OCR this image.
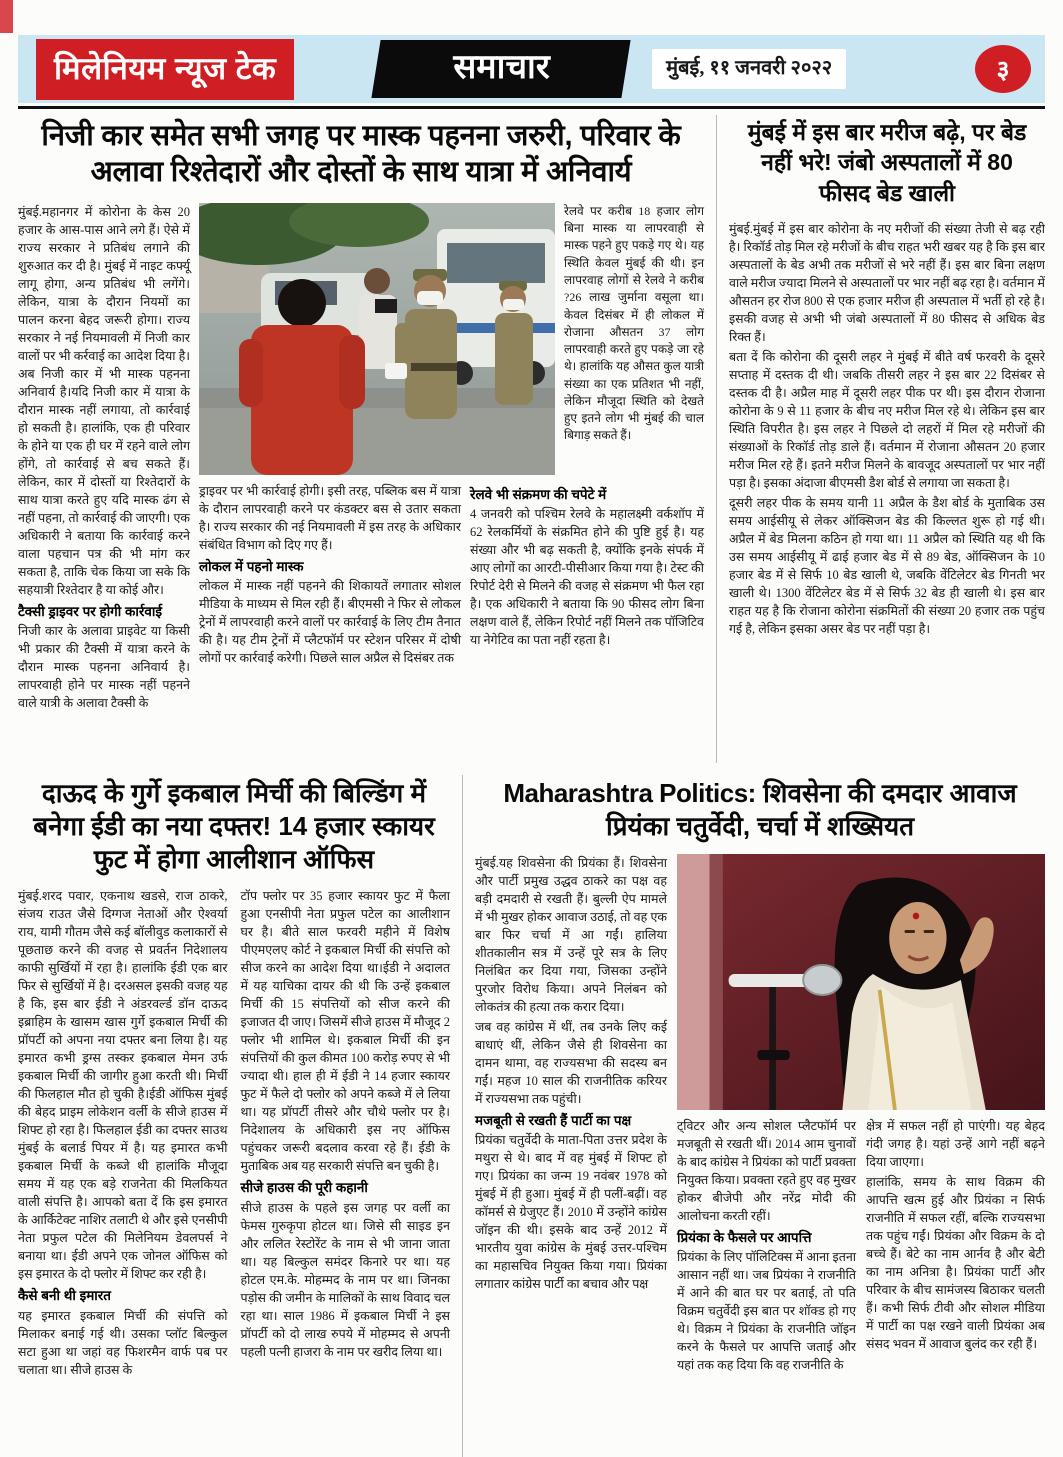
मिलेनियम न्यूज टेक	समाचार	मुंबई, ११ जनवरी २०२२	३
निजी कार समेत सभी जगह पर मास्क पहनना जरुरी, परिवार के अलावा रिश्तेदारों और दोस्तों के साथ यात्रा में अनिवार्य

मुंबई.महानगर में कोरोना के केस 20 हजार के आस-पास आने लगे हैं। ऐसे में राज्य सरकार ने प्रतिबंध लगाने की शुरुआत कर दी है। मुंबई में नाइट कर्फ्यू लागू होगा, अन्य प्रतिबंध भी लगेंगे। लेकिन, यात्रा के दौरान नियमों का पालन करना बेहद जरूरी होगा। राज्य सरकार ने नई नियमावली में निजी कार वालों पर भी कर्रवाई का आदेश दिया है। अब निजी कार में भी मास्क पहनना अनिवार्य है।यदि निजी कार में यात्रा के दौरान मास्क नहीं लगाया, तो कार्रवाई हो सकती है। हालांकि, एक ही परिवार के होने या एक ही घर में रहने वाले लोग होंगे, तो कार्रवाई से बच सकते हैं।लेकिन, कार में दोस्तों या रिश्तेदारों के साथ यात्रा करते हुए यदि मास्क ढंग से नहीं पहना, तो कार्रवाई की जाएगी। एक अधिकारी ने बताया कि कार्रवाई करने वाला पहचान पत्र की भी मांग कर सकता है, ताकि चेक किया जा सके कि सहयात्री रिश्तेदार है या कोई और।

टैक्सी ड्राइवर पर होगी कार्रवाई

निजी कार के अलावा प्राइवेट या किसी भी प्रकार की टैक्सी में यात्रा करने के दौरान मास्क पहनना अनिवार्य है। लापरवाही होने पर मास्क नहीं पहनने वाले यात्री के अलावा टैक्सी के

रेलवे पर करीब 18 हजार लोग बिना मास्क या लापरवाही से मास्क पहने हुए पकड़े गए थे। यह स्थिति केवल मुंबई की थी। इन लापरवाह लोगों से रेलवे ने करीब ?26 लाख जुर्माना वसूला था। केवल दिसंबर में ही लोकल में रोजाना औसतन 37 लोग लापरवाही करते हुए पकड़े जा रहे थे। हालांकि यह औसत कुल यात्री संख्या का एक प्रतिशत भी नहीं, लेकिन मौजूदा स्थिति को देखते हुए इतने लोग भी मुंबई की चाल बिगाड़ सकते हैं।

ड्राइवर पर भी कार्रवाई होगी। इसी तरह, पब्लिक बस में यात्रा के दौरान लापरवाही करने पर कंडक्टर बस से उतार सकता है। राज्य सरकार की नई नियमावली में इस तरह के अधिकार संबंधित विभाग को दिए गए हैं।

लोकल में पहनो मास्क

लोकल में मास्क नहीं पहनने की शिकायतें लगातार सोशल मीडिया के माध्यम से मिल रही हैं। बीएमसी ने फिर से लोकल ट्रेनों में लापरवाही करने वालों पर कार्रवाई के लिए टीम तैनात की है। यह टीम ट्रेनों में प्लैटफॉर्म पर स्टेशन परिसर में दोषी लोगों पर कार्रवाई करेगी। पिछले साल अप्रैल से दिसंबर तक

रेलवे भी संक्रमण की चपेटे में

4 जनवरी को पश्चिम रेलवे के महालक्ष्मी वर्कशॉप में 62 रेलकर्मियों के संक्रमित होने की पुष्टि हुई है। यह संख्या और भी बढ़ सकती है, क्योंकि इनके संपर्क में आए लोगों का आरटी-पीसीआर किया गया है। टेस्ट की रिपोर्ट देरी से मिलने की वजह से संक्रमण भी फैल रहा है। एक अधिकारी ने बताया कि 90 फीसद लोग बिना लक्षण वाले हैं, लेकिन रिपोर्ट नहीं मिलने तक पॉजिटिव या नेगेटिव का पता नहीं रहता है।

मुंबई में इस बार मरीज बढ़े, पर बेड नहीं भरे! जंबो अस्पतालों में 80 फीसद बेड खाली

मुंबई.मुंबई में इस बार कोरोना के नए मरीजों की संख्या तेजी से बढ़ रही है। रिकॉर्ड तोड़ मिल रहे मरीजों के बीच राहत भरी खबर यह है कि इस बार अस्पतालों के बेड अभी तक मरीजों से भरे नहीं हैं। इस बार बिना लक्षण वाले मरीज ज्यादा मिलने से अस्पतालों पर भार नहीं बढ़ रहा है। वर्तमान में औसतन हर रोज 800 से एक हजार मरीज ही अस्पताल में भर्ती हो रहे है। इसकी वजह से अभी भी जंबो अस्पतालों में 80 फीसद से अधिक बेड रिक्त हैं।

बता दें कि कोरोना की दूसरी लहर ने मुंबई में बीते वर्ष फरवरी के दूसरे सप्ताह में दस्तक दी थी। जबकि तीसरी लहर ने इस बार 22 दिसंबर से दस्तक दी है। अप्रैल माह में दूसरी लहर पीक पर थी। इस दौरान रोजाना कोरोना के 9 से 11 हजार के बीच नए मरीज मिल रहे थे। लेकिन इस बार स्थिति विपरीत है। इस लहर ने पिछले दो लहरों में मिल रहे मरीजों की संख्याओं के रिकॉर्ड तोड़ डाले हैं। वर्तमान में रोजाना औसतन 20 हजार मरीज मिल रहे हैं। इतने मरीज मिलने के बावजूद अस्पतालों पर भार नहीं पड़ा है। इसका अंदाजा बीएमसी डैश बोर्ड से लगाया जा सकता है।

दूसरी लहर पीक के समय यानी 11 अप्रैल के डैश बोर्ड के मुताबिक उस समय आईसीयू से लेकर ऑक्सिजन बेड की किल्लत शुरू हो गई थी। अप्रैल में बेड मिलना कठिन हो गया था। 11 अप्रैल को स्थिति यह थी कि उस समय आईसीयू में ढाई हजार बेड में से 89 बेड, ऑक्सिजन के 10 हजार बेड में से सिर्फ 10 बेड खाली थे, जबकि वेंटिलेटर बेड गिनती भर खाली थे। 1300 वेंटिलेटर बेड में से सिर्फ 32 बेड ही खाली थे। इस बार राहत यह है कि रोजाना कोरोना संक्रमितों की संख्या 20 हजार तक पहुंच गई है, लेकिन इसका असर बेड पर नहीं पड़ा है।

दाऊद के गुर्गे इकबाल मिर्ची की बिल्डिंग में बनेगा ईडी का नया दफ्तर! 14 हजार स्कायर फुट में होगा आलीशान ऑफिस

मुंबई.शरद पवार, एकनाथ खडसे, राज ठाकरे, संजय राउत जैसे दिग्गज नेताओं और ऐश्वर्या राय, यामी गौतम जैसे कई बॉलीवुड कलाकारों से पूछताछ करने की वजह से प्रवर्तन निदेशालय काफी सुर्खियों में रहा है। हालांकि ईडी एक बार फिर से सुर्खियों में है। दरअसल इसकी वजह यह है कि, इस बार ईडी ने अंडरवर्ल्ड डॉन दाऊद इब्राहिम के खासम खास गुर्गे इकबाल मिर्ची की प्रॉपर्टी को अपना नया दफ्तर बना लिया है। यह इमारत कभी ड्रग्स तस्कर इकबाल मेमन उर्फ इकबाल मिर्ची की जागीर हुआ करती थी। मिर्ची की फिलहाल मौत हो चुकी है।ईडी ऑफिस मुंबई की बेहद प्राइम लोकेशन वर्ली के सीजे हाउस में शिफ्ट हो रहा है। फिलहाल ईडी का दफ्तर साउथ मुंबई के बलार्ड पियर में है। यह इमारत कभी इकबाल मिर्ची के कब्जे थी हालांकि मौजूदा समय में यह एक बड़े राजनेता की मिलकियत वाली संपत्ति है। आपको बता दें कि इस इमारत के आर्किटेक्ट नाशिर तलाटी थे और इसे एनसीपी नेता प्रफुल पटेल की मिलेनियम डेवलपर्स ने बनाया था। ईडी अपने एक जोनल ऑफिस को इस इमारत के दो फ्लोर में शिफ्ट कर रही है।

कैसे बनी थी इमारत

यह इमारत इकबाल मिर्ची की संपत्ति को मिलाकर बनाई गई थी। उसका प्लॉट बिल्कुल सटा हुआ था जहां वह फिशरमैन वार्फ पब पर चलाता था। सीजे हाउस के

टॉप फ्लोर पर 35 हजार स्कायर फुट में फैला हुआ एनसीपी नेता प्रफुल पटेल का आलीशान घर है। बीते साल फरवरी महीने में विशेष पीएमएलए कोर्ट ने इकबाल मिर्ची की संपत्ति को सीज करने का आदेश दिया था।ईडी ने अदालत में यह याचिका दायर की थी कि उन्हें इकबाल मिर्ची की 15 संपत्तियों को सीज करने की इजाजत दी जाए। जिसमें सीजे हाउस में मौजूद 2 फ्लोर भी शामिल थे। इकबाल मिर्ची की इन संपत्तियों की कुल कीमत 100 करोड़ रुपए से भी ज्यादा थी। हाल ही में ईडी ने 14 हजार स्कायर फुट में फैले दो फ्लोर को अपने कब्जे में ले लिया था। यह प्रॉपर्टी तीसरे और चौथे फ्लोर पर है। निदेशालय के अधिकारी इस नए ऑफिस पहुंचकर जरूरी बदलाव करवा रहे हैं। ईडी के मुताबिक अब यह सरकारी संपत्ति बन चुकी है।

सीजे हाउस की पूरी कहानी

सीजे हाउस के पहले इस जगह पर वर्ली का फेमस गुरुकृपा होटल था। जिसे सी साइड इन और ललित रेस्टोरेंट के नाम से भी जाना जाता था। यह बिल्कुल समंदर किनारे पर था। यह होटल एम.के. मोहम्मद के नाम पर था। जिनका पड़ोस की जमीन के मालिकों के साथ विवाद चल रहा था। साल 1986 में इकबाल मिर्ची ने इस प्रॉपर्टी को दो लाख रुपये में मोहम्मद से अपनी पहली पत्नी हाजरा के नाम पर खरीद लिया था।

Maharashtra Politics: शिवसेना की दमदार आवाज प्रियंका चतुर्वेदी, चर्चा में शख्सियत

मुंबई.यह शिवसेना की प्रियंका हैं। शिवसेना और पार्टी प्रमुख उद्धव ठाकरे का पक्ष वह बड़ी दमदारी से रखती हैं। बुल्ली ऐप मामले में भी मुखर होकर आवाज उठाई, तो वह एक बार फिर चर्चा में आ गईं। हालिया शीतकालीन सत्र में उन्हें पूरे सत्र के लिए निलंबित कर दिया गया, जिसका उन्होंने पुरजोर विरोध किया। अपने निलंबन को लोकतंत्र की हत्या तक करार दिया।

जब वह कांग्रेस में थीं, तब उनके लिए कई बाधाएं थीं, लेकिन जैसे ही शिवसेना का दामन थामा, वह राज्यसभा की सदस्य बन गईं। महज 10 साल की राजनीतिक करियर में राज्यसभा तक पहुंची।

मजबूती से रखती हैं पार्टी का पक्ष

प्रियंका चतुर्वेदी के माता-पिता उत्तर प्रदेश के मथुरा से थे। बाद में वह मुंबई में शिफ्ट हो गए। प्रियंका का जन्म 19 नवंबर 1978 को मुंबई में ही हुआ। मुंबई में ही पलीं-बढ़ीं। वह कॉमर्स से ग्रेजुएट हैं। 2010 में उन्होंने कांग्रेस जॉइन की थी। इसके बाद उन्हें 2012 में भारतीय युवा कांग्रेस के मुंबई उत्तर-पश्चिम का महासचिव नियुक्त किया गया। प्रियंका लगातार कांग्रेस पार्टी का बचाव और पक्ष

ट्विटर और अन्य सोशल प्लैटफॉर्म पर मजबूती से रखती थीं। 2014 आम चुनावों के बाद कांग्रेस ने प्रियंका को पार्टी प्रवक्ता नियुक्त किया। प्रवक्ता रहते हुए वह मुखर होकर बीजेपी और नरेंद्र मोदी की आलोचना करती रहीं।

प्रियंका के फैसले पर आपत्ति

प्रियंका के लिए पॉलिटिक्स में आना इतना आसान नहीं था। जब प्रियंका ने राजनीति में आने की बात घर पर बताई, तो पति विक्रम चतुर्वेदी इस बात पर शॉक्ड हो गए थे। विक्रम ने प्रियंका के राजनीति जॉइन करने के फैसले पर आपत्ति जताई और यहां तक कह दिया कि वह राजनीति के

क्षेत्र में सफल नहीं हो पाएंगी। यह बेहद गंदी जगह है। यहां उन्हें आगे नहीं बढ़ने दिया जाएगा।

हालांकि, समय के साथ विक्रम की आपत्ति खत्म हुई और प्रियंका न सिर्फ राजनीति में सफल रहीं, बल्कि राज्यसभा तक पहुंच गईं। प्रियंका और विक्रम के दो बच्चे हैं। बेटे का नाम आर्नव है और बेटी का नाम अनित्रा है। प्रियंका पार्टी और परिवार के बीच सामंजस्य बिठाकर चलती हैं। कभी सिर्फ टीवी और सोशल मीडिया में पार्टी का पक्ष रखने वाली प्रियंका अब संसद भवन में आवाज बुलंद कर रही हैं।
